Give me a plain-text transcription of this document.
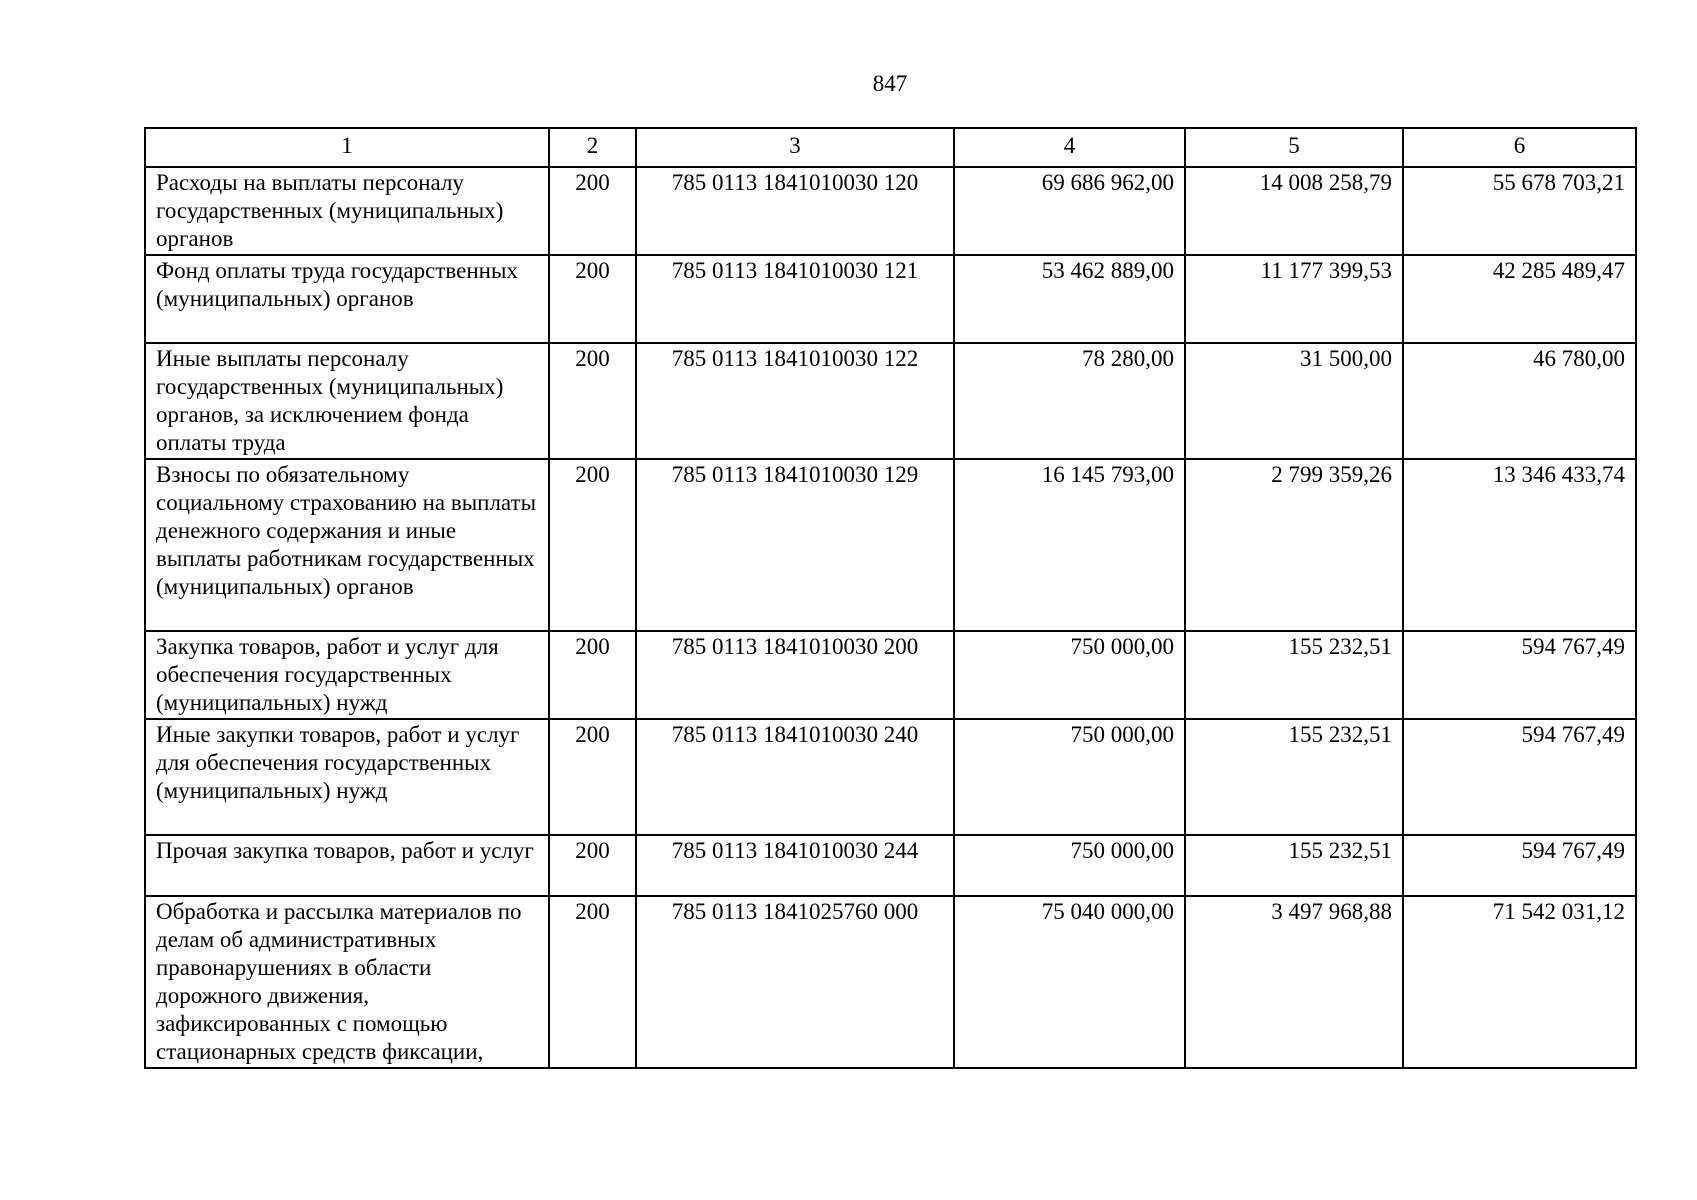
847
1	2	3	4	5	6
Расходы на выплаты персоналу государственных (муниципальных) органов	200	785 0113 1841010030 120	69 686 962,00	14 008 258,79	55 678 703,21
Фонд оплаты труда государственных (муниципальных) органов	200	785 0113 1841010030 121	53 462 889,00	11 177 399,53	42 285 489,47
Иные выплаты персоналу государственных (муниципальных) органов, за исключением фонда оплаты труда	200	785 0113 1841010030 122	78 280,00	31 500,00	46 780,00
Взносы по обязательному социальному страхованию на выплаты денежного содержания и иные выплаты работникам государственных (муниципальных) органов	200	785 0113 1841010030 129	16 145 793,00	2 799 359,26	13 346 433,74
Закупка товаров, работ и услуг для обеспечения государственных (муниципальных) нужд	200	785 0113 1841010030 200	750 000,00	155 232,51	594 767,49
Иные закупки товаров, работ и услуг для обеспечения государственных (муниципальных) нужд	200	785 0113 1841010030 240	750 000,00	155 232,51	594 767,49
Прочая закупка товаров, работ и услуг	200	785 0113 1841010030 244	750 000,00	155 232,51	594 767,49
Обработка и рассылка материалов по делам об административных правонарушениях в области дорожного движения, зафиксированных с помощью стационарных средств фиксации,	200	785 0113 1841025760 000	75 040 000,00	3 497 968,88	71 542 031,12
